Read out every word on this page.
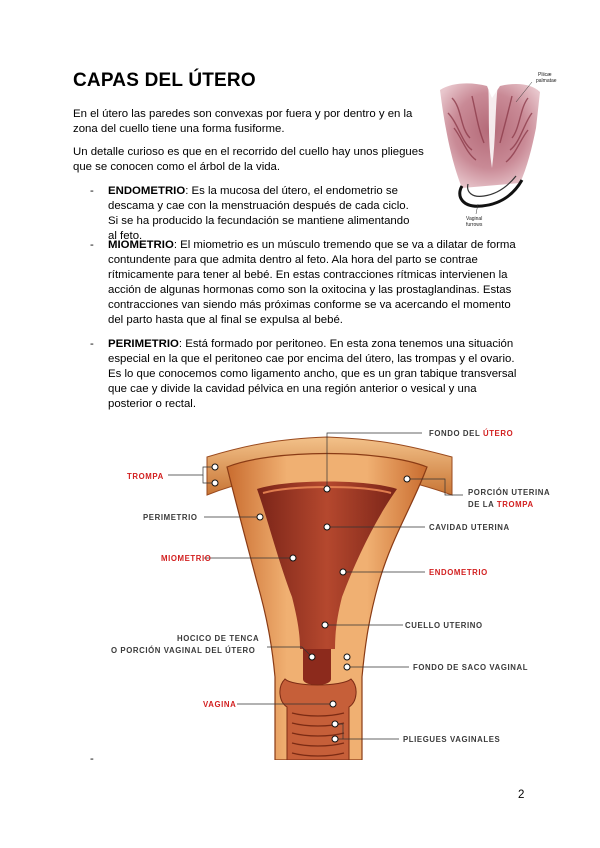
CAPAS DEL ÚTERO
En el útero las paredes son convexas por fuera y por dentro y en la zona del cuello tiene una forma fusiforme.
Un detalle curioso es que en el recorrido del cuello hay unos pliegues que se conocen como el árbol de la vida.
Pliicæ
palmatae
Vaginal
furrows
- ENDOMETRIO: Es la mucosa del útero, el endometrio se descama y cae con la menstruación después de cada ciclo. Si se ha producido la fecundación se mantiene alimentando al feto.
- MIOMETRIO: El miometrio es un músculo tremendo que se va a dilatar de forma contundente para que admita dentro al feto. Ala hora del parto se contrae rítmicamente para tener al bebé. En estas contracciones rítmicas intervienen la acción de algunas hormonas como son la oxitocina y las prostaglandinas. Estas contracciones van siendo más próximas conforme se va acercando el momento del parto hasta que al final se expulsa al bebé.
- PERIMETRIO: Está formado por peritoneo. En esta zona tenemos una situación especial en la que el peritoneo cae por encima del útero, las trompas y el ovario. Es lo que conocemos como ligamento ancho, que es un gran tabique transversal que cae y divide la cavidad pélvica en una región anterior o vesical y una posterior o rectal.
FONDO DEL ÚTERO
TROMPA
PORCIÓN UTERINA
DE LA TROMPA
PERIMETRIO
CAVIDAD UTERINA
MIOMETRIO
ENDOMETRIO
CUELLO UTERINO
HOCICO DE TENCA
O PORCIÓN VAGINAL DEL ÚTERO
FONDO DE SACO VAGINAL
VAGINA
PLIEGUES VAGINALES
-
2
